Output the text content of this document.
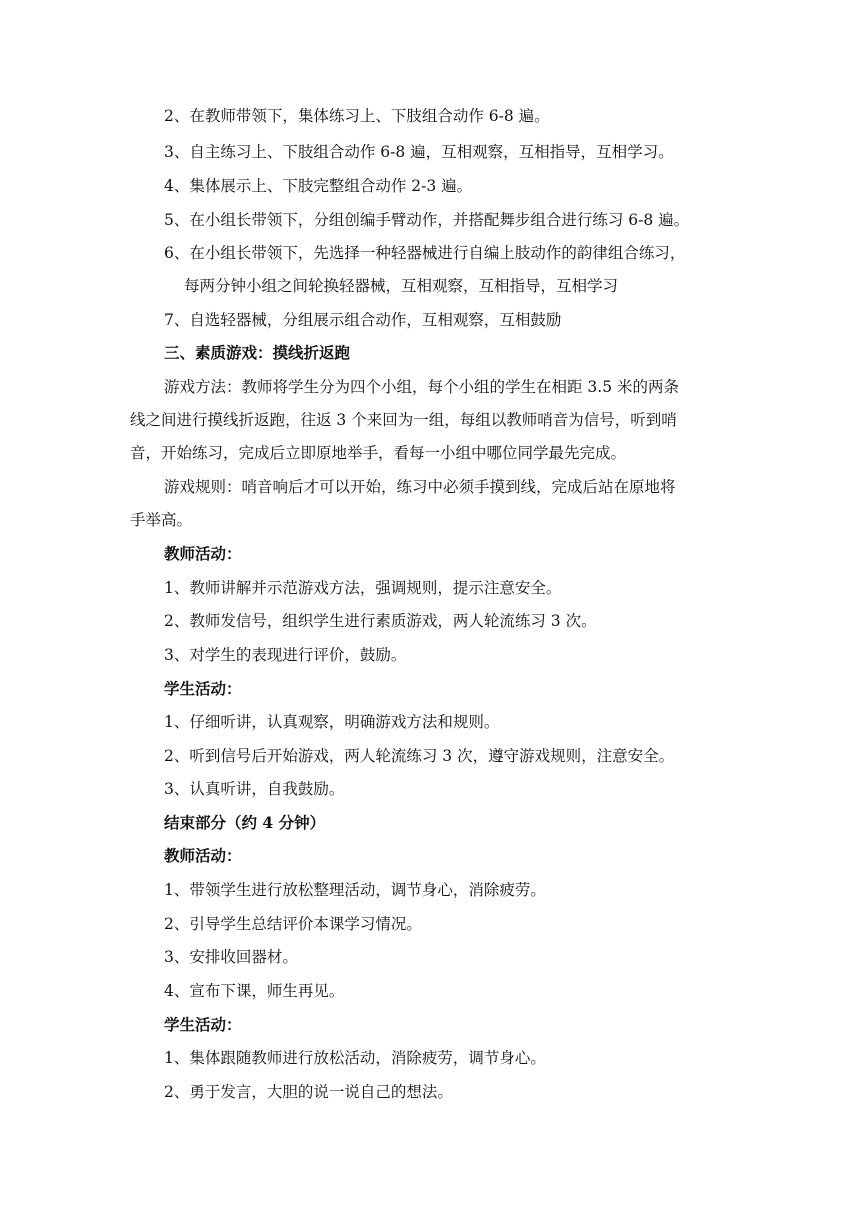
2、在教师带领下，集体练习上、下肢组合动作 6-8 遍。

3、自主练习上、下肢组合动作 6-8 遍，互相观察，互相指导，互相学习。

4、集体展示上、下肢完整组合动作 2-3 遍。

5、在小组长带领下，分组创编手臂动作，并搭配舞步组合进行练习 6-8 遍。

6、在小组长带领下，先选择一种轻器械进行自编上肢动作的韵律组合练习，

每两分钟小组之间轮换轻器械，互相观察，互相指导，互相学习

7、自选轻器械，分组展示组合动作，互相观察，互相鼓励

三、素质游戏：摸线折返跑

游戏方法：教师将学生分为四个小组，每个小组的学生在相距 3.5 米的两条

线之间进行摸线折返跑，往返 3 个来回为一组，每组以教师哨音为信号，听到哨

音，开始练习，完成后立即原地举手，看每一小组中哪位同学最先完成。

游戏规则：哨音响后才可以开始，练习中必须手摸到线，完成后站在原地将

手举高。

教师活动：

1、教师讲解并示范游戏方法，强调规则，提示注意安全。

2、教师发信号，组织学生进行素质游戏，两人轮流练习 3 次。

3、对学生的表现进行评价，鼓励。

学生活动：

1、仔细听讲，认真观察，明确游戏方法和规则。

2、听到信号后开始游戏，两人轮流练习 3 次，遵守游戏规则，注意安全。

3、认真听讲，自我鼓励。

结束部分（约 4 分钟）

教师活动：

1、带领学生进行放松整理活动，调节身心，消除疲劳。

2、引导学生总结评价本课学习情况。

3、安排收回器材。

4、宣布下课，师生再见。

学生活动：

1、集体跟随教师进行放松活动，消除疲劳，调节身心。

2、勇于发言，大胆的说一说自己的想法。
